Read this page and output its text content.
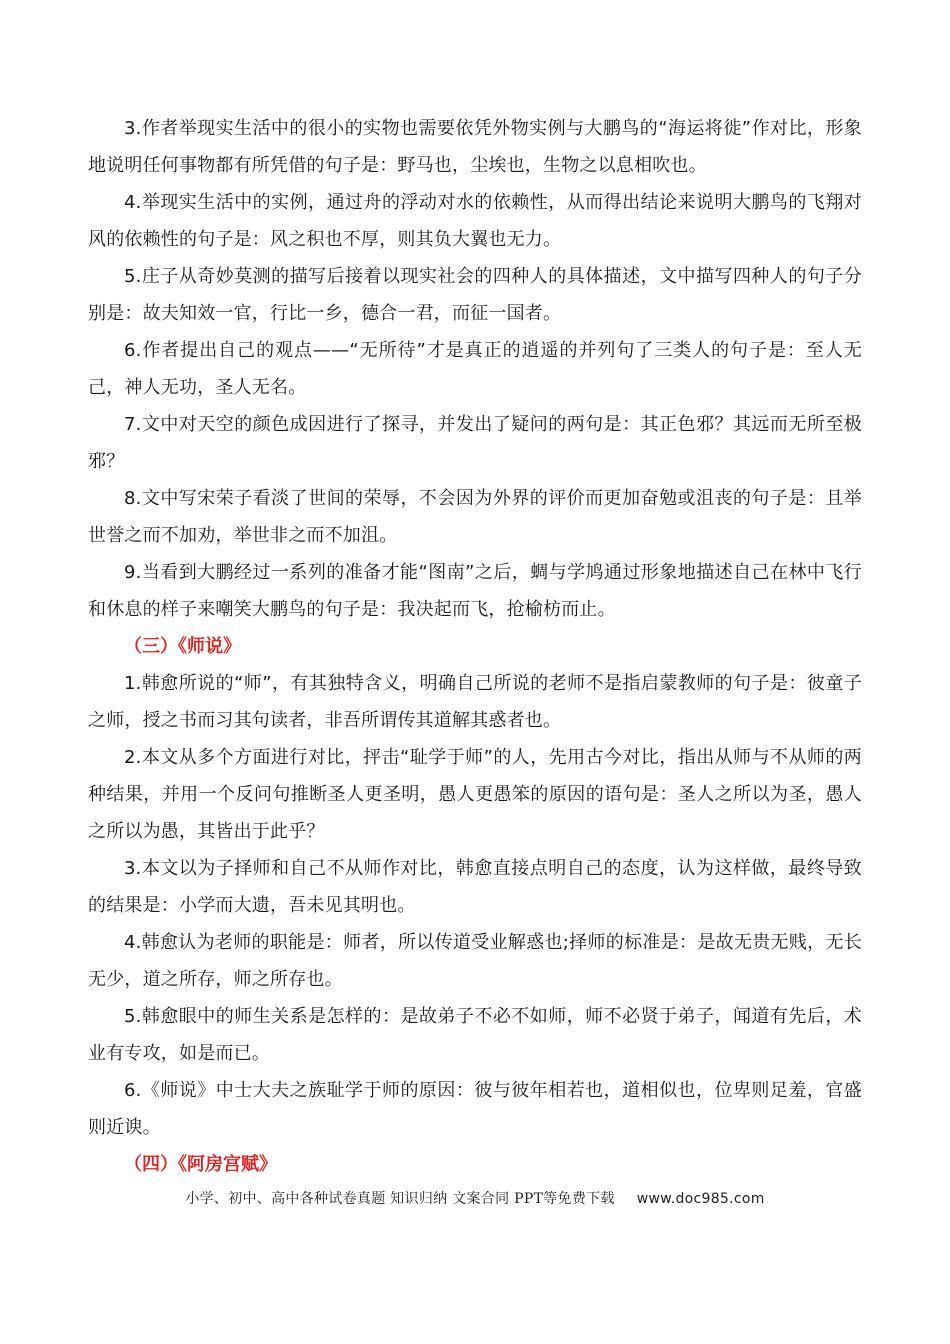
3.作者举现实生活中的很小的实物也需要依凭外物实例与大鹏鸟的“海运将徙”作对比，形象地说明任何事物都有所凭借的句子是：野马也，尘埃也，生物之以息相吹也。

4.举现实生活中的实例，通过舟的浮动对水的依赖性，从而得出结论来说明大鹏鸟的飞翔对风的依赖性的句子是：风之积也不厚，则其负大翼也无力。

5.庄子从奇妙莫测的描写后接着以现实社会的四种人的具体描述，文中描写四种人的句子分别是：故夫知效一官，行比一乡，德合一君，而征一国者。

6.作者提出自己的观点——“无所待”才是真正的逍遥的并列句了三类人的句子是：至人无己，神人无功，圣人无名。

7.文中对天空的颜色成因进行了探寻，并发出了疑问的两句是：其正色邪？其远而无所至极邪？

8.文中写宋荣子看淡了世间的荣辱，不会因为外界的评价而更加奋勉或沮丧的句子是：且举世誉之而不加劝，举世非之而不加沮。

9.当看到大鹏经过一系列的准备才能“图南”之后，蜩与学鸠通过形象地描述自己在林中飞行和休息的样子来嘲笑大鹏鸟的句子是：我决起而飞，抢榆枋而止。

（三）《师说》

1.韩愈所说的“师”，有其独特含义，明确自己所说的老师不是指启蒙教师的句子是：彼童子之师，授之书而习其句读者，非吾所谓传其道解其惑者也。

2.本文从多个方面进行对比，抨击“耻学于师”的人，先用古今对比，指出从师与不从师的两种结果，并用一个反问句推断圣人更圣明，愚人更愚笨的原因的语句是：圣人之所以为圣，愚人之所以为愚，其皆出于此乎？

3.本文以为子择师和自己不从师作对比，韩愈直接点明自己的态度，认为这样做，最终导致的结果是：小学而大遗，吾未见其明也。

4.韩愈认为老师的职能是：师者，所以传道受业解惑也;择师的标准是：是故无贵无贱，无长无少，道之所存，师之所存也。

5.韩愈眼中的师生关系是怎样的：是故弟子不必不如师，师不必贤于弟子，闻道有先后，术业有专攻，如是而已。

6.《师说》中士大夫之族耻学于师的原因：彼与彼年相若也，道相似也，位卑则足羞，官盛则近谀。

（四）《阿房宫赋》

小学、初中、高中各种试卷真题 知识归纳 文案合同 PPT等免费下载 www.doc985.com
